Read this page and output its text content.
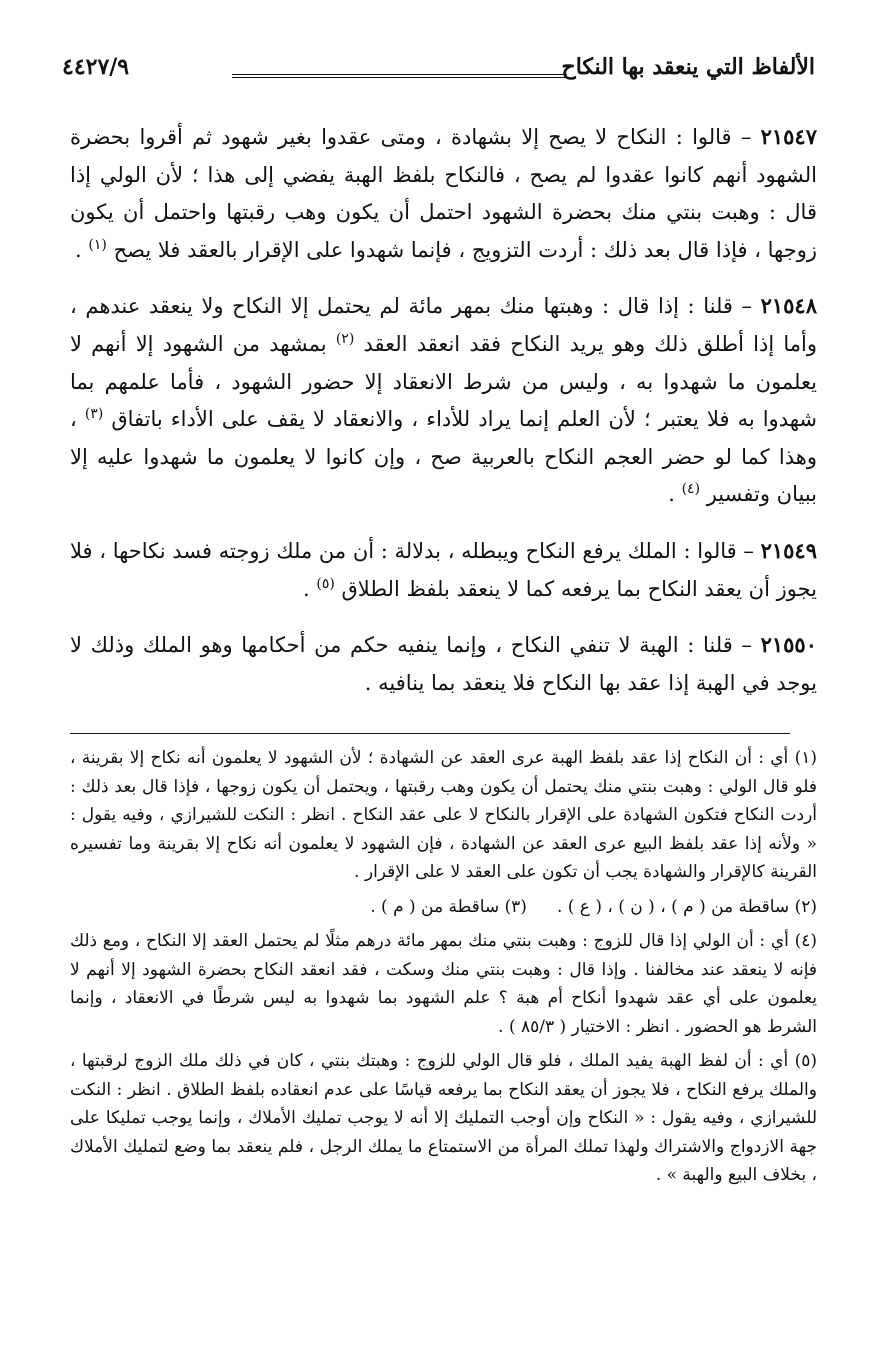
الألفاظ التي ينعقد بها النكاح
٤٤٢٧/٩

٢١٥٤٧ – قالوا : النكاح لا يصح إلا بشهادة ، ومتى عقدوا بغير شهود ثم أقروا بحضرة الشهود أنهم كانوا عقدوا لم يصح ، فالنكاح بلفظ الهبة يفضي إلى هذا ؛ لأن الولي إذا قال : وهبت بنتي منك بحضرة الشهود احتمل أن يكون وهب رقبتها واحتمل أن يكون زوجها ، فإذا قال بعد ذلك : أردت التزويج ، فإنما شهدوا على الإقرار بالعقد فلا يصح $^{(١)}$ .

٢١٥٤٨ – قلنا : إذا قال : وهبتها منك بمهر مائة لم يحتمل إلا النكاح ولا ينعقد عندهم ، وأما إذا أطلق ذلك وهو يريد النكاح فقد انعقد العقد $^{(٢)}$ بمشهد من الشهود إلا أنهم لا يعلمون ما شهدوا به ، وليس من شرط الانعقاد إلا حضور الشهود ، فأما علمهم بما شهدوا به فلا يعتبر ؛ لأن العلم إنما يراد للأداء ، والانعقاد لا يقف على الأداء باتفاق $^{(٣)}$ ، وهذا كما لو حضر العجم النكاح بالعربية صح ، وإن كانوا لا يعلمون ما شهدوا عليه إلا ببيان وتفسير $^{(٤)}$ .

٢١٥٤٩ – قالوا : الملك يرفع النكاح ويبطله ، بدلالة : أن من ملك زوجته فسد نكاحها ، فلا يجوز أن يعقد النكاح بما يرفعه كما لا ينعقد بلفظ الطلاق $^{(٥)}$ .

٢١٥٥٠ – قلنا : الهبة لا تنفي النكاح ، وإنما ينفيه حكم من أحكامها وهو الملك وذلك لا يوجد في الهبة إذا عقد بها النكاح فلا ينعقد بما ينافيه .

(١) أي : أن النكاح إذا عقد بلفظ الهبة عرى العقد عن الشهادة ؛ لأن الشهود لا يعلمون أنه نكاح إلا بقرينة ، فلو قال الولي : وهبت بنتي منك يحتمل أن يكون وهب رقبتها ، ويحتمل أن يكون زوجها ، فإذا قال بعد ذلك : أردت النكاح فتكون الشهادة على الإقرار بالنكاح لا على عقد النكاح . انظر : النكت للشيرازي ، وفيه يقول : « ولأنه إذا عقد بلفظ البيع عرى العقد عن الشهادة ، فإن الشهود لا يعلمون أنه نكاح إلا بقرينة وما تفسيره القرينة كالإقرار والشهادة يجب أن تكون على العقد لا على الإقرار .

(٢) ساقطة من ( م ) ، ( ن ) ، ( ع ) .
(٣) ساقطة من ( م ) .

(٤) أي : أن الولي إذا قال للزوج : وهبت بنتي منك بمهر مائة درهم مثلًا لم يحتمل العقد إلا النكاح ، ومع ذلك فإنه لا ينعقد عند مخالفنا . وإذا قال : وهبت بنتي منك وسكت ، فقد انعقد النكاح بحضرة الشهود إلا أنهم لا يعلمون على أي عقد شهدوا أنكاح أم هبة ؟ علم الشهود بما شهدوا به ليس شرطًا في الانعقاد ، وإنما الشرط هو الحضور . انظر : الاختيار ( ٨٥/٣ ) .

(٥) أي : أن لفظ الهبة يفيد الملك ، فلو قال الولي للزوج : وهبتك بنتي ، كان في ذلك ملك الزوج لرقبتها ، والملك يرفع النكاح ، فلا يجوز أن يعقد النكاح بما يرفعه قياسًا على عدم انعقاده بلفظ الطلاق . انظر : النكت للشيرازي ، وفيه يقول : « النكاح وإن أوجب التمليك إلا أنه لا يوجب تمليك الأملاك ، وإنما يوجب تمليكا على جهة الازدواج والاشتراك ولهذا تملك المرأة من الاستمتاع ما يملك الرجل ، فلم ينعقد بما وضع لتمليك الأملاك ، بخلاف البيع والهبة » .
